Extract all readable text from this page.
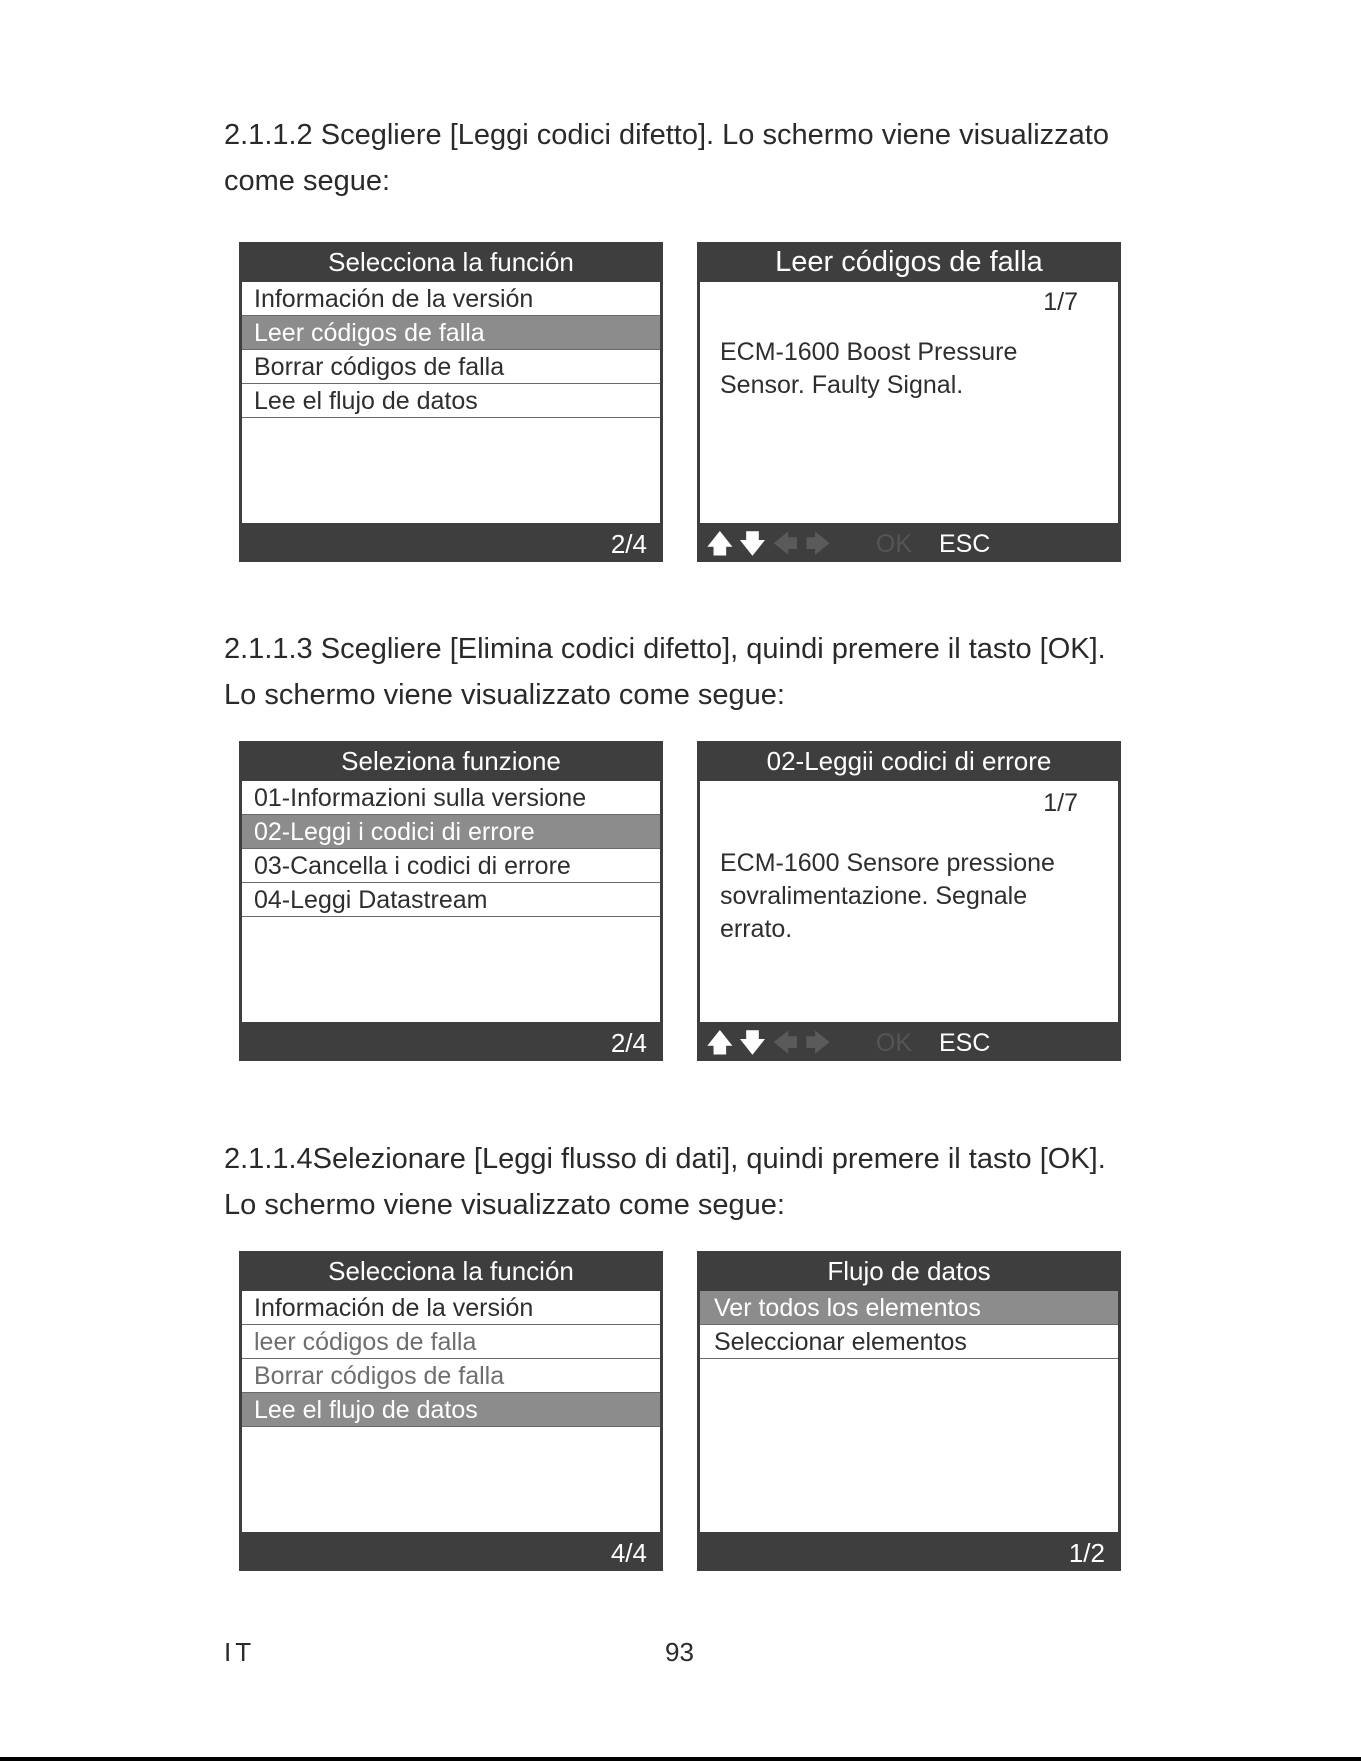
2.1.1.2 Scegliere [Leggi codici difetto]. Lo schermo viene visualizzato come segue:

Selecciona la función
Información de la versión
Leer códigos de falla
Borrar códigos de falla
Lee el flujo de datos
2/4
Leer códigos de falla
1/7
ECM-1600 Boost Pressure Sensor. Faulty Signal.
🡅 🡇 🡄 🡆 OK ESC

2.1.1.3 Scegliere [Elimina codici difetto], quindi premere il tasto [OK]. Lo schermo viene visualizzato come segue:

Seleziona funzione
01-Informazioni sulla versione
02-Leggi i codici di errore
03-Cancella i codici di errore
04-Leggi Datastream
2/4
02-Leggii codici di errore
1/7
ECM-1600 Sensore pressione sovralimentazione. Segnale errato.
🡅 🡇 🡄 🡆 OK ESC

2.1.1.4Selezionare [Leggi flusso di dati], quindi premere il tasto [OK]. Lo schermo viene visualizzato come segue:

Selecciona la función
Información de la versión
leer códigos de falla
Borrar códigos de falla
Lee el flujo de datos
4/4
Flujo de datos
Ver todos los elementos
Seleccionar elementos
1/2
IT	93
